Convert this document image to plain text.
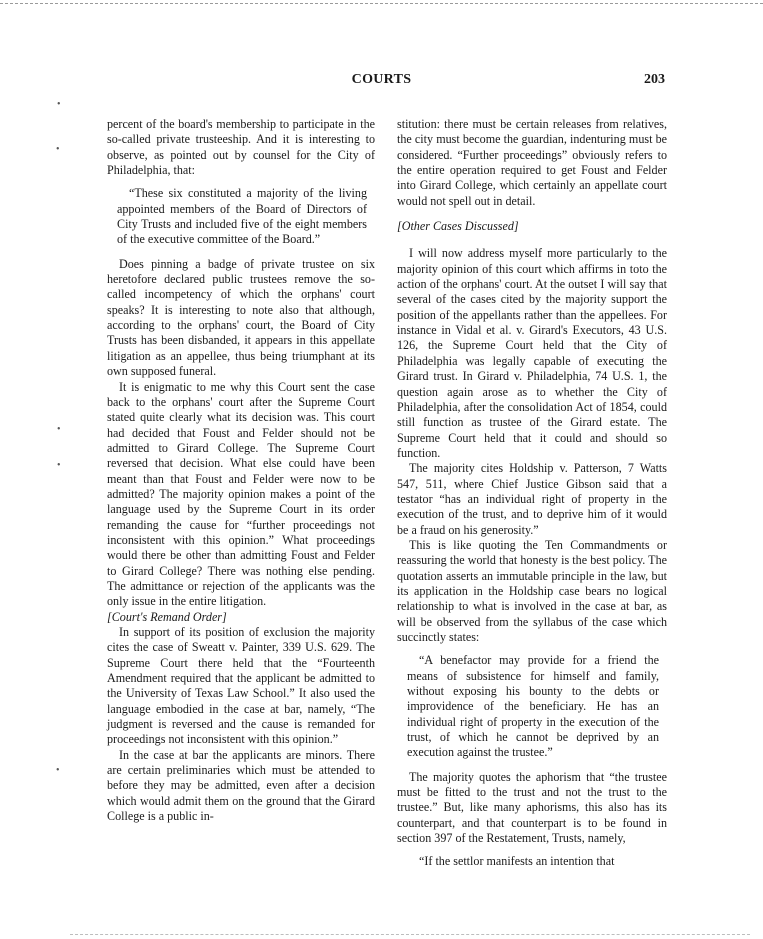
COURTS	203
•
•
•
•
•

percent of the board's membership to participate in the so-called private trusteeship. And it is interesting to observe, as pointed out by counsel for the City of Philadelphia, that:

“These six constituted a majority of the living appointed members of the Board of Directors of City Trusts and included five of the eight members of the executive committee of the Board.”

Does pinning a badge of private trustee on six heretofore declared public trustees remove the so-called incompetency of which the orphans' court speaks? It is interesting to note also that although, according to the orphans' court, the Board of City Trusts has been disbanded, it appears in this appellate litigation as an appellee, thus being triumphant at its own supposed funeral.

It is enigmatic to me why this Court sent the case back to the orphans' court after the Supreme Court stated quite clearly what its decision was. This court had decided that Foust and Felder should not be admitted to Girard College. The Supreme Court reversed that decision. What else could have been meant than that Foust and Felder were now to be admitted? The majority opinion makes a point of the language used by the Supreme Court in its order remanding the cause for “further proceedings not inconsistent with this opinion.” What proceedings would there be other than admitting Foust and Felder to Girard College? There was nothing else pending. The admittance or rejection of the applicants was the only issue in the entire litigation.

[Court's Remand Order]

In support of its position of exclusion the majority cites the case of Sweatt v. Painter, 339 U.S. 629. The Supreme Court there held that the “Fourteenth Amendment required that the applicant be admitted to the University of Texas Law School.” It also used the language embodied in the case at bar, namely, “The judgment is reversed and the cause is remanded for proceedings not inconsistent with this opinion.”

In the case at bar the applicants are minors. There are certain preliminaries which must be attended to before they may be admitted, even after a decision which would admit them on the ground that the Girard College is a public in-

stitution: there must be certain releases from relatives, the city must become the guardian, indenturing must be considered. “Further proceedings” obviously refers to the entire operation required to get Foust and Felder into Girard College, which certainly an appellate court would not spell out in detail.

[Other Cases Discussed]

I will now address myself more particularly to the majority opinion of this court which affirms in toto the action of the orphans' court. At the outset I will say that several of the cases cited by the majority support the position of the appellants rather than the appellees. For instance in Vidal et al. v. Girard's Executors, 43 U.S. 126, the Supreme Court held that the City of Philadelphia was legally capable of executing the Girard trust. In Girard v. Philadelphia, 74 U.S. 1, the question again arose as to whether the City of Philadelphia, after the consolidation Act of 1854, could still function as trustee of the Girard estate. The Supreme Court held that it could and should so function.

The majority cites Holdship v. Patterson, 7 Watts 547, 511, where Chief Justice Gibson said that a testator “has an individual right of property in the execution of the trust, and to deprive him of it would be a fraud on his generosity.”

This is like quoting the Ten Commandments or reassuring the world that honesty is the best policy. The quotation asserts an immutable principle in the law, but its application in the Holdship case bears no logical relationship to what is involved in the case at bar, as will be observed from the syllabus of the case which succinctly states:

“A benefactor may provide for a friend the means of subsistence for himself and family, without exposing his bounty to the debts or improvidence of the beneficiary. He has an individual right of property in the execution of the trust, of which he cannot be deprived by an execution against the trustee.”

The majority quotes the aphorism that “the trustee must be fitted to the trust and not the trust to the trustee.” But, like many aphorisms, this also has its counterpart, and that counterpart is to be found in section 397 of the Restatement, Trusts, namely,

“If the settlor manifests an intention that
